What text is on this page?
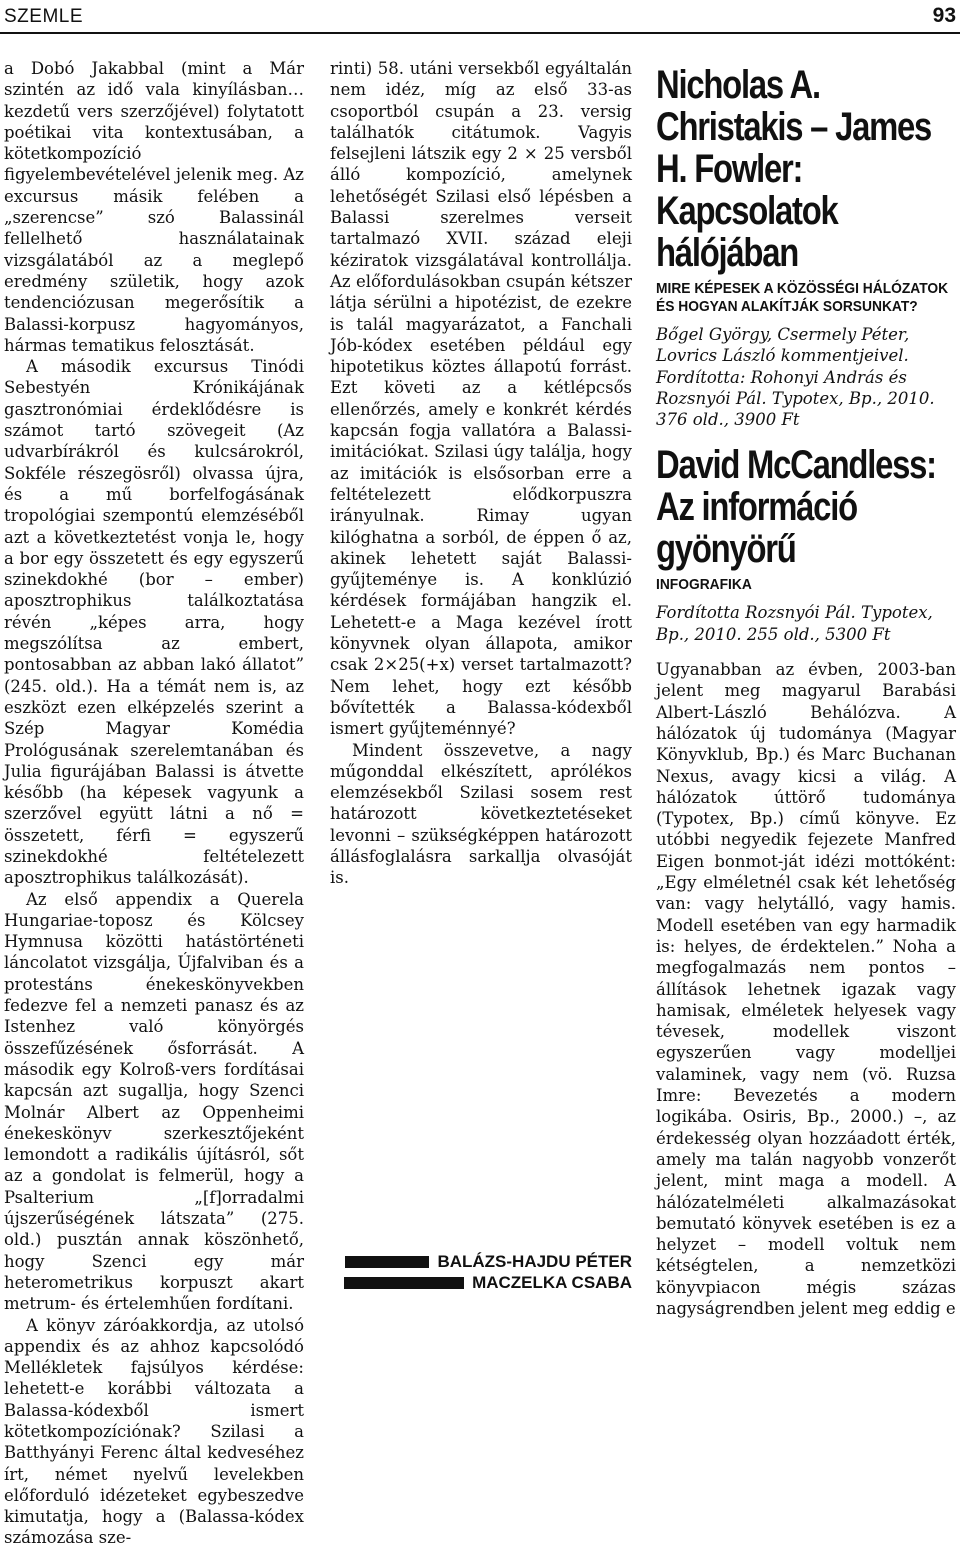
SZEMLE	93

a Dobó Jakabbal (mint a Már szintén az idő vala kinyílásban… kezdetű vers szerzőjével) folytatott poétikai vita kontextusában, a kötetkompozíció figyelembevételével jelenik meg. Az excursus másik felében a „szerencse” szó Balassinál fellelhető használatainak vizsgálatából az a meglepő eredmény születik, hogy azok tendenciózusan megerősítik a Balassi-korpusz hagyományos, hármas tematikus felosztását.

A második excursus Tinódi Sebestyén Krónikájának gasztronómiai érdeklődésre is számot tartó szövegeit (Az udvarbírákról és kulcsárokról, Sokféle részegösről) olvassa újra, és a mű borfelfogásának tropológiai szempontú elemzéséből azt a következtetést vonja le, hogy a bor egy összetett és egy egyszerű szinekdokhé (bor – ember) aposztrophikus találkoztatása révén „képes arra, hogy megszólítsa az embert, pontosabban az abban lakó állatot” (245. old.). Ha a témát nem is, az eszközt ezen elképzelés szerint a Szép Magyar Komédia Prológusának szerelemtanában és Julia figurájában Balassi is átvette később (ha képesek vagyunk a szerzővel együtt látni a nő = összetett, férfi = egyszerű szinekdokhé feltételezett aposztrophikus találkozását).

Az első appendix a Querela Hungariae-toposz és Kölcsey Hymnusa közötti hatástörténeti láncolatot vizsgálja, Újfalviban és a protestáns énekeskönyvekben fedezve fel a nemzeti panasz és az Istenhez való könyörgés összefűzésének ősforrását. A második egy Kolroß-vers fordításai kapcsán azt sugallja, hogy Szenci Molnár Albert az Oppenheimi énekeskönyv szerkesztőjeként lemondott a radikális újításról, sőt az a gondolat is felmerül, hogy a Psalterium „[f]orradalmi újszerűségének látszata” (275. old.) pusztán annak köszönhető, hogy Szenci egy már heterometrikus korpuszt akart metrum- és értelemhűen fordítani.

A könyv záróakkordja, az utolsó appendix és az ahhoz kapcsolódó Mellékletek fajsúlyos kérdése: lehetett-e korábbi változata a Balassa-kódexből ismert kötetkompozíciónak? Szilasi a Batthyányi Ferenc által kedveséhez írt, német nyelvű levelekben előforduló idézeteket egybeszedve kimutatja, hogy a (Balassa-kódex számozása sze-

rinti) 58. utáni versekből egyáltalán nem idéz, míg az első 33-as csoportból csupán a 23. versig találhatók citátumok. Vagyis felsejleni látszik egy 2 × 25 versből álló kompozíció, amelynek lehetőségét Szilasi első lépésben a Balassi szerelmes verseit tartalmazó XVII. század eleji kéziratok vizsgálatával kontrollálja. Az előfordulásokban csupán kétszer látja sérülni a hipotézist, de ezekre is talál magyarázatot, a Fanchali Jób-kódex esetében például egy hipotetikus köztes állapotú forrást. Ezt követi az a kétlépcsős ellenőrzés, amely e konkrét kérdés kapcsán fogja vallatóra a Balassi-imitációkat. Szilasi úgy találja, hogy az imitációk is elsősorban erre a feltételezett elődkorpuszra irányulnak. Rimay ugyan kilóghatna a sorból, de éppen ő az, akinek lehetett saját Balassi-gyűjteménye is. A konklúzió kérdések formájában hangzik el. Lehetett-e a Maga kezével írott könyvnek olyan állapota, amikor csak 2×25(+x) verset tartalmazott? Nem lehet, hogy ezt később bővítették a Balassa-kódexből ismert gyűjteménnyé?

Mindent összevetve, a nagy műgonddal elkészített, aprólékos elemzésekből Szilasi sosem rest határozott következtetéseket levonni – szükségképpen határozott állásfoglalásra sarkallja olvasóját is.

BALÁZS-HAJDU PÉTER
MACZELKA CSABA
Nicholas A. Christakis – James H. Fowler: Kapcsolatok hálójában
MIRE KÉPESEK A KÖZÖSSÉGI HÁLÓZATOK ÉS HOGYAN ALAKÍTJÁK SORSUNKAT?
Bőgel György, Csermely Péter, Lovrics László kommentjeivel. Fordította: Rohonyi András és Rozsnyói Pál. Typotex, Bp., 2010. 376 old., 3900 Ft
David McCandless: Az információ gyönyörű
INFOGRAFIKA
Fordította Rozsnyói Pál. Typotex, Bp., 2010. 255 old., 5300 Ft

Ugyanabban az évben, 2003-ban jelent meg magyarul Barabási Albert-László Behálózva. A hálózatok új tudománya (Magyar Könyvklub, Bp.) és Marc Buchanan Nexus, avagy kicsi a világ. A hálózatok úttörő tudománya (Typotex, Bp.) című könyve. Ez utóbbi negyedik fejezete Manfred Eigen bonmot-ját idézi mottóként: „Egy elméletnél csak két lehetőség van: vagy helytálló, vagy hamis. Modell esetében van egy harmadik is: helyes, de érdektelen.” Noha a megfogalmazás nem pontos – állítások lehetnek igazak vagy hamisak, elméletek helyesek vagy tévesek, modellek viszont egyszerűen vagy modelljei valaminek, vagy nem (vö. Ruzsa Imre: Bevezetés a modern logikába. Osiris, Bp., 2000.) –, az érdekesség olyan hozzáadott érték, amely ma talán nagyobb vonzerőt jelent, mint maga a modell. A hálózatelméleti alkalmazásokat bemutató könyvek esetében is ez a helyzet – modell voltuk nem kétségtelen, a nemzetközi könyvpiacon mégis százas nagyságrendben jelent meg eddig e
